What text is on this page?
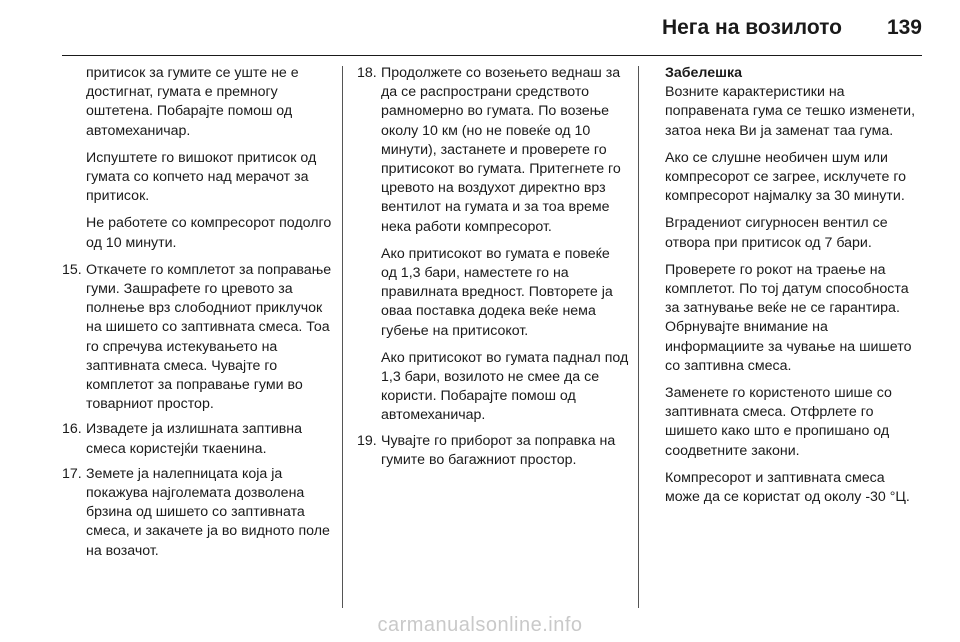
Нега на возилото 139

притисок за гумите се уште не е достигнат, гумата е премногу оштетена. Побарајте помош од автомеханичар.

Испуштете го вишокот притисок од гумата со копчето над мерачот за притисок.

Не работете со компресорот подолго од 10 минути.

15. Откачете го комплетот за поправање гуми. Зашрафете го цревото за полнење врз слободниот приклучок на шишето со заптивната смеса. Тоа го спречува истекувањето на заптивната смеса. Чувајте го комплетот за поправање гуми во товарниот простор.
16. Извадете ја излишната заптивна смеса користејќи ткаенина.
17. Земете ја налепницата која ја покажува најголемата дозволена брзина од шишето со заптивната смеса, и закачете ја во видното поле на возачот.
18. Продолжете со возењето веднаш за да се распространи средството рамномерно во гумата. По возење околу 10 км (но не повеќе од 10 минути), застанете и проверете го притисокот во гумата. Притегнете го цревото на воздухот директно врз вентилот на гумата и за тоа време нека работи компресорот.

Ако притисокот во гумата е повеќе од 1,3 бари, наместете го на правилната вредност. Повторете ја оваа поставка додека веќе нема губење на притисокот.

Ако притисокот во гумата паднал под 1,3 бари, возилото не смее да се користи. Побарајте помош од автомеханичар.

19. Чувајте го приборот за поправка на гумите во багажниот простор.

Забелешка

Возните карактеристики на поправената гума се тешко изменети, затоа нека Ви ја заменат таа гума.

Ако се слушне необичен шум или компресорот се загрее, исклучете го компресорот најмалку за 30 минути.

Вградениот сигурносен вентил се отвора при притисок од 7 бари.

Проверете го рокот на траење на комплетот. По тој датум способноста за затнување веќе не се гарантира. Обрнувајте внимание на информациите за чување на шишето со заптивна смеса.

Заменете го користеното шише со заптивната смеса. Отфрлете го шишето како што е пропишано од соодветните закони.

Компресорот и заптивната смеса може да се користат од околу -30 °Ц.

carmanualsonline.info
